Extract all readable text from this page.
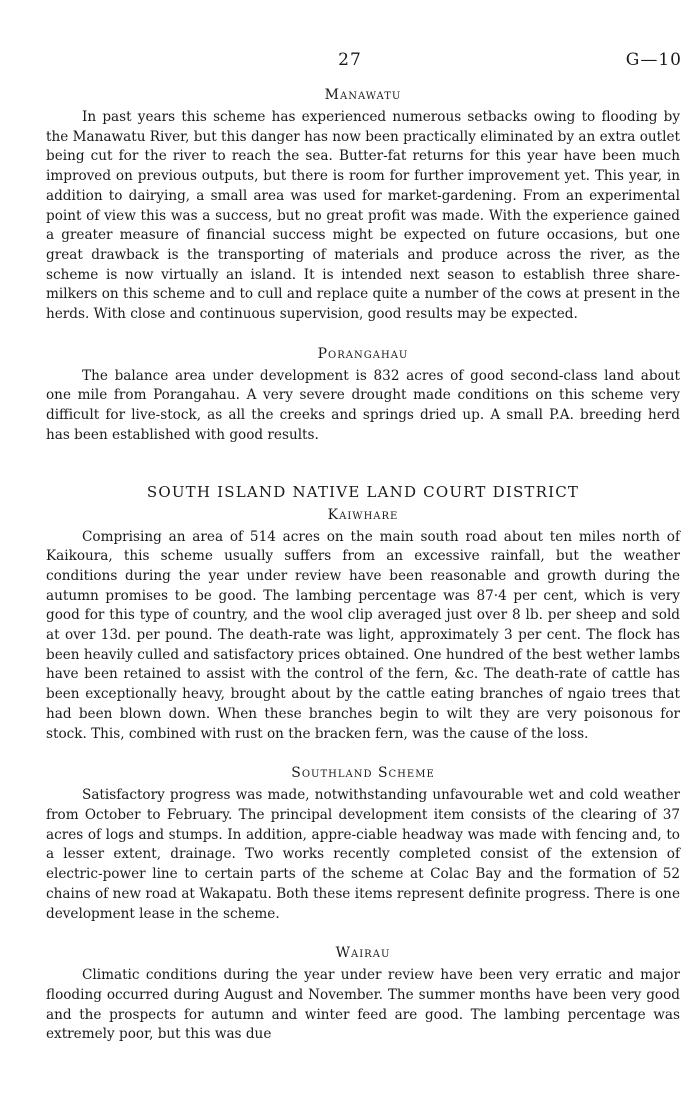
27	G—10
Manawatu

In past years this scheme has experienced numerous setbacks owing to flooding by the Manawatu River, but this danger has now been practically eliminated by an extra outlet being cut for the river to reach the sea. Butter-fat returns for this year have been much improved on previous outputs, but there is room for further improvement yet. This year, in addition to dairying, a small area was used for market-gardening. From an experimental point of view this was a success, but no great profit was made. With the experience gained a greater measure of financial success might be expected on future occasions, but one great drawback is the transporting of materials and produce across the river, as the scheme is now virtually an island. It is intended next season to establish three share-milkers on this scheme and to cull and replace quite a number of the cows at present in the herds. With close and continuous supervision, good results may be expected.

Porangahau

The balance area under development is 832 acres of good second-class land about one mile from Porangahau. A very severe drought made conditions on this scheme very difficult for live-stock, as all the creeks and springs dried up. A small P.A. breeding herd has been established with good results.

SOUTH ISLAND NATIVE LAND COURT DISTRICT
Kaiwhare

Comprising an area of 514 acres on the main south road about ten miles north of Kaikoura, this scheme usually suffers from an excessive rainfall, but the weather conditions during the year under review have been reasonable and growth during the autumn promises to be good. The lambing percentage was 87·4 per cent, which is very good for this type of country, and the wool clip averaged just over 8 lb. per sheep and sold at over 13d. per pound. The death-rate was light, approximately 3 per cent. The flock has been heavily culled and satisfactory prices obtained. One hundred of the best wether lambs have been retained to assist with the control of the fern, &c. The death-rate of cattle has been exceptionally heavy, brought about by the cattle eating branches of ngaio trees that had been blown down. When these branches begin to wilt they are very poisonous for stock. This, combined with rust on the bracken fern, was the cause of the loss.

Southland Scheme

Satisfactory progress was made, notwithstanding unfavourable wet and cold weather from October to February. The principal development item consists of the clearing of 37 acres of logs and stumps. In addition, appre-ciable headway was made with fencing and, to a lesser extent, drainage. Two works recently completed consist of the extension of electric-power line to certain parts of the scheme at Colac Bay and the formation of 52 chains of new road at Wakapatu. Both these items represent definite progress. There is one development lease in the scheme.

Wairau

Climatic conditions during the year under review have been very erratic and major flooding occurred during August and November. The summer months have been very good and the prospects for autumn and winter feed are good. The lambing percentage was extremely poor, but this was due
